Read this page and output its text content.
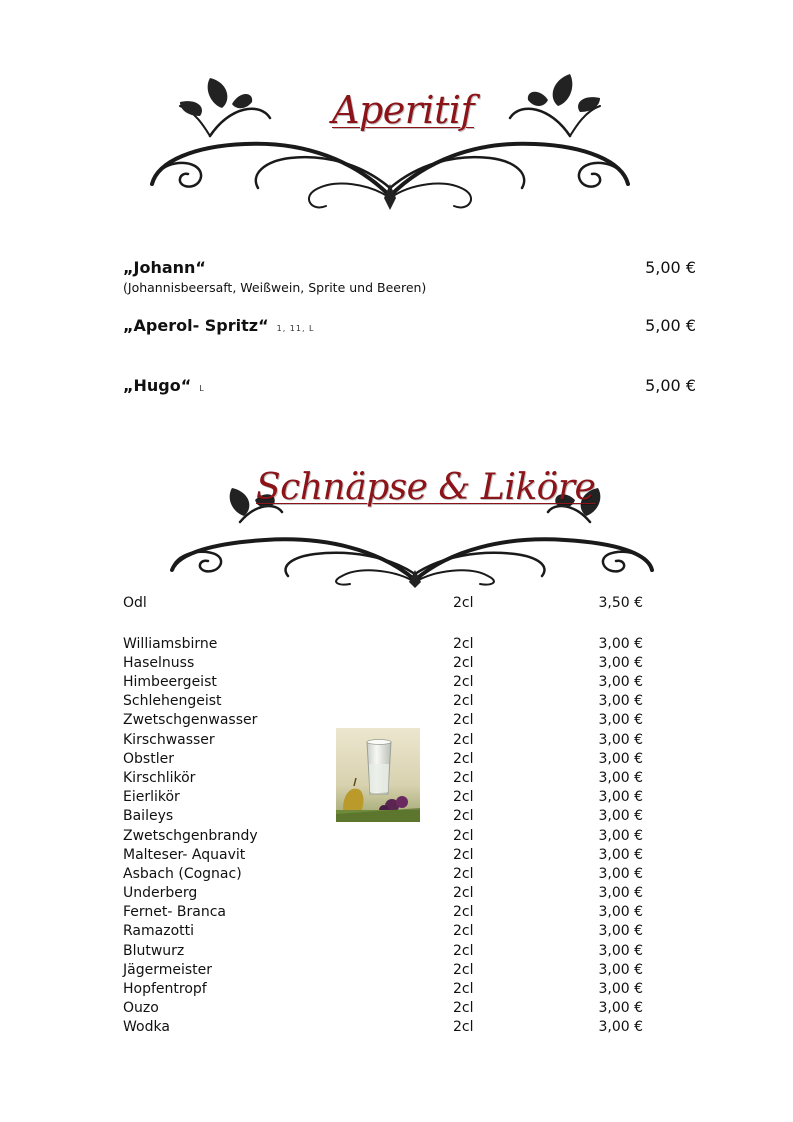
Aperitif
„Johann“	5,00 €
(Johannisbeersaft, Weißwein, Sprite und Beeren)
„Aperol- Spritz“ 1, 11, L	5,00 €
„Hugo“ L	5,00 €
Schnäpse & Liköre
Odl	2cl	3,50 €
Williamsbirne	2cl	3,00 €
Haselnuss	2cl	3,00 €
Himbeergeist	2cl	3,00 €
Schlehengeist	2cl	3,00 €
Zwetschgenwasser	2cl	3,00 €
Kirschwasser	2cl	3,00 €
Obstler	2cl	3,00 €
Kirschlikör	2cl	3,00 €
Eierlikör	2cl	3,00 €
Baileys	2cl	3,00 €
Zwetschgenbrandy	2cl	3,00 €
Malteser- Aquavit	2cl	3,00 €
Asbach (Cognac)	2cl	3,00 €
Underberg	2cl	3,00 €
Fernet- Branca	2cl	3,00 €
Ramazotti	2cl	3,00 €
Blutwurz	2cl	3,00 €
Jägermeister	2cl	3,00 €
Hopfentropf	2cl	3,00 €
Ouzo	2cl	3,00 €
Wodka	2cl	3,00 €
